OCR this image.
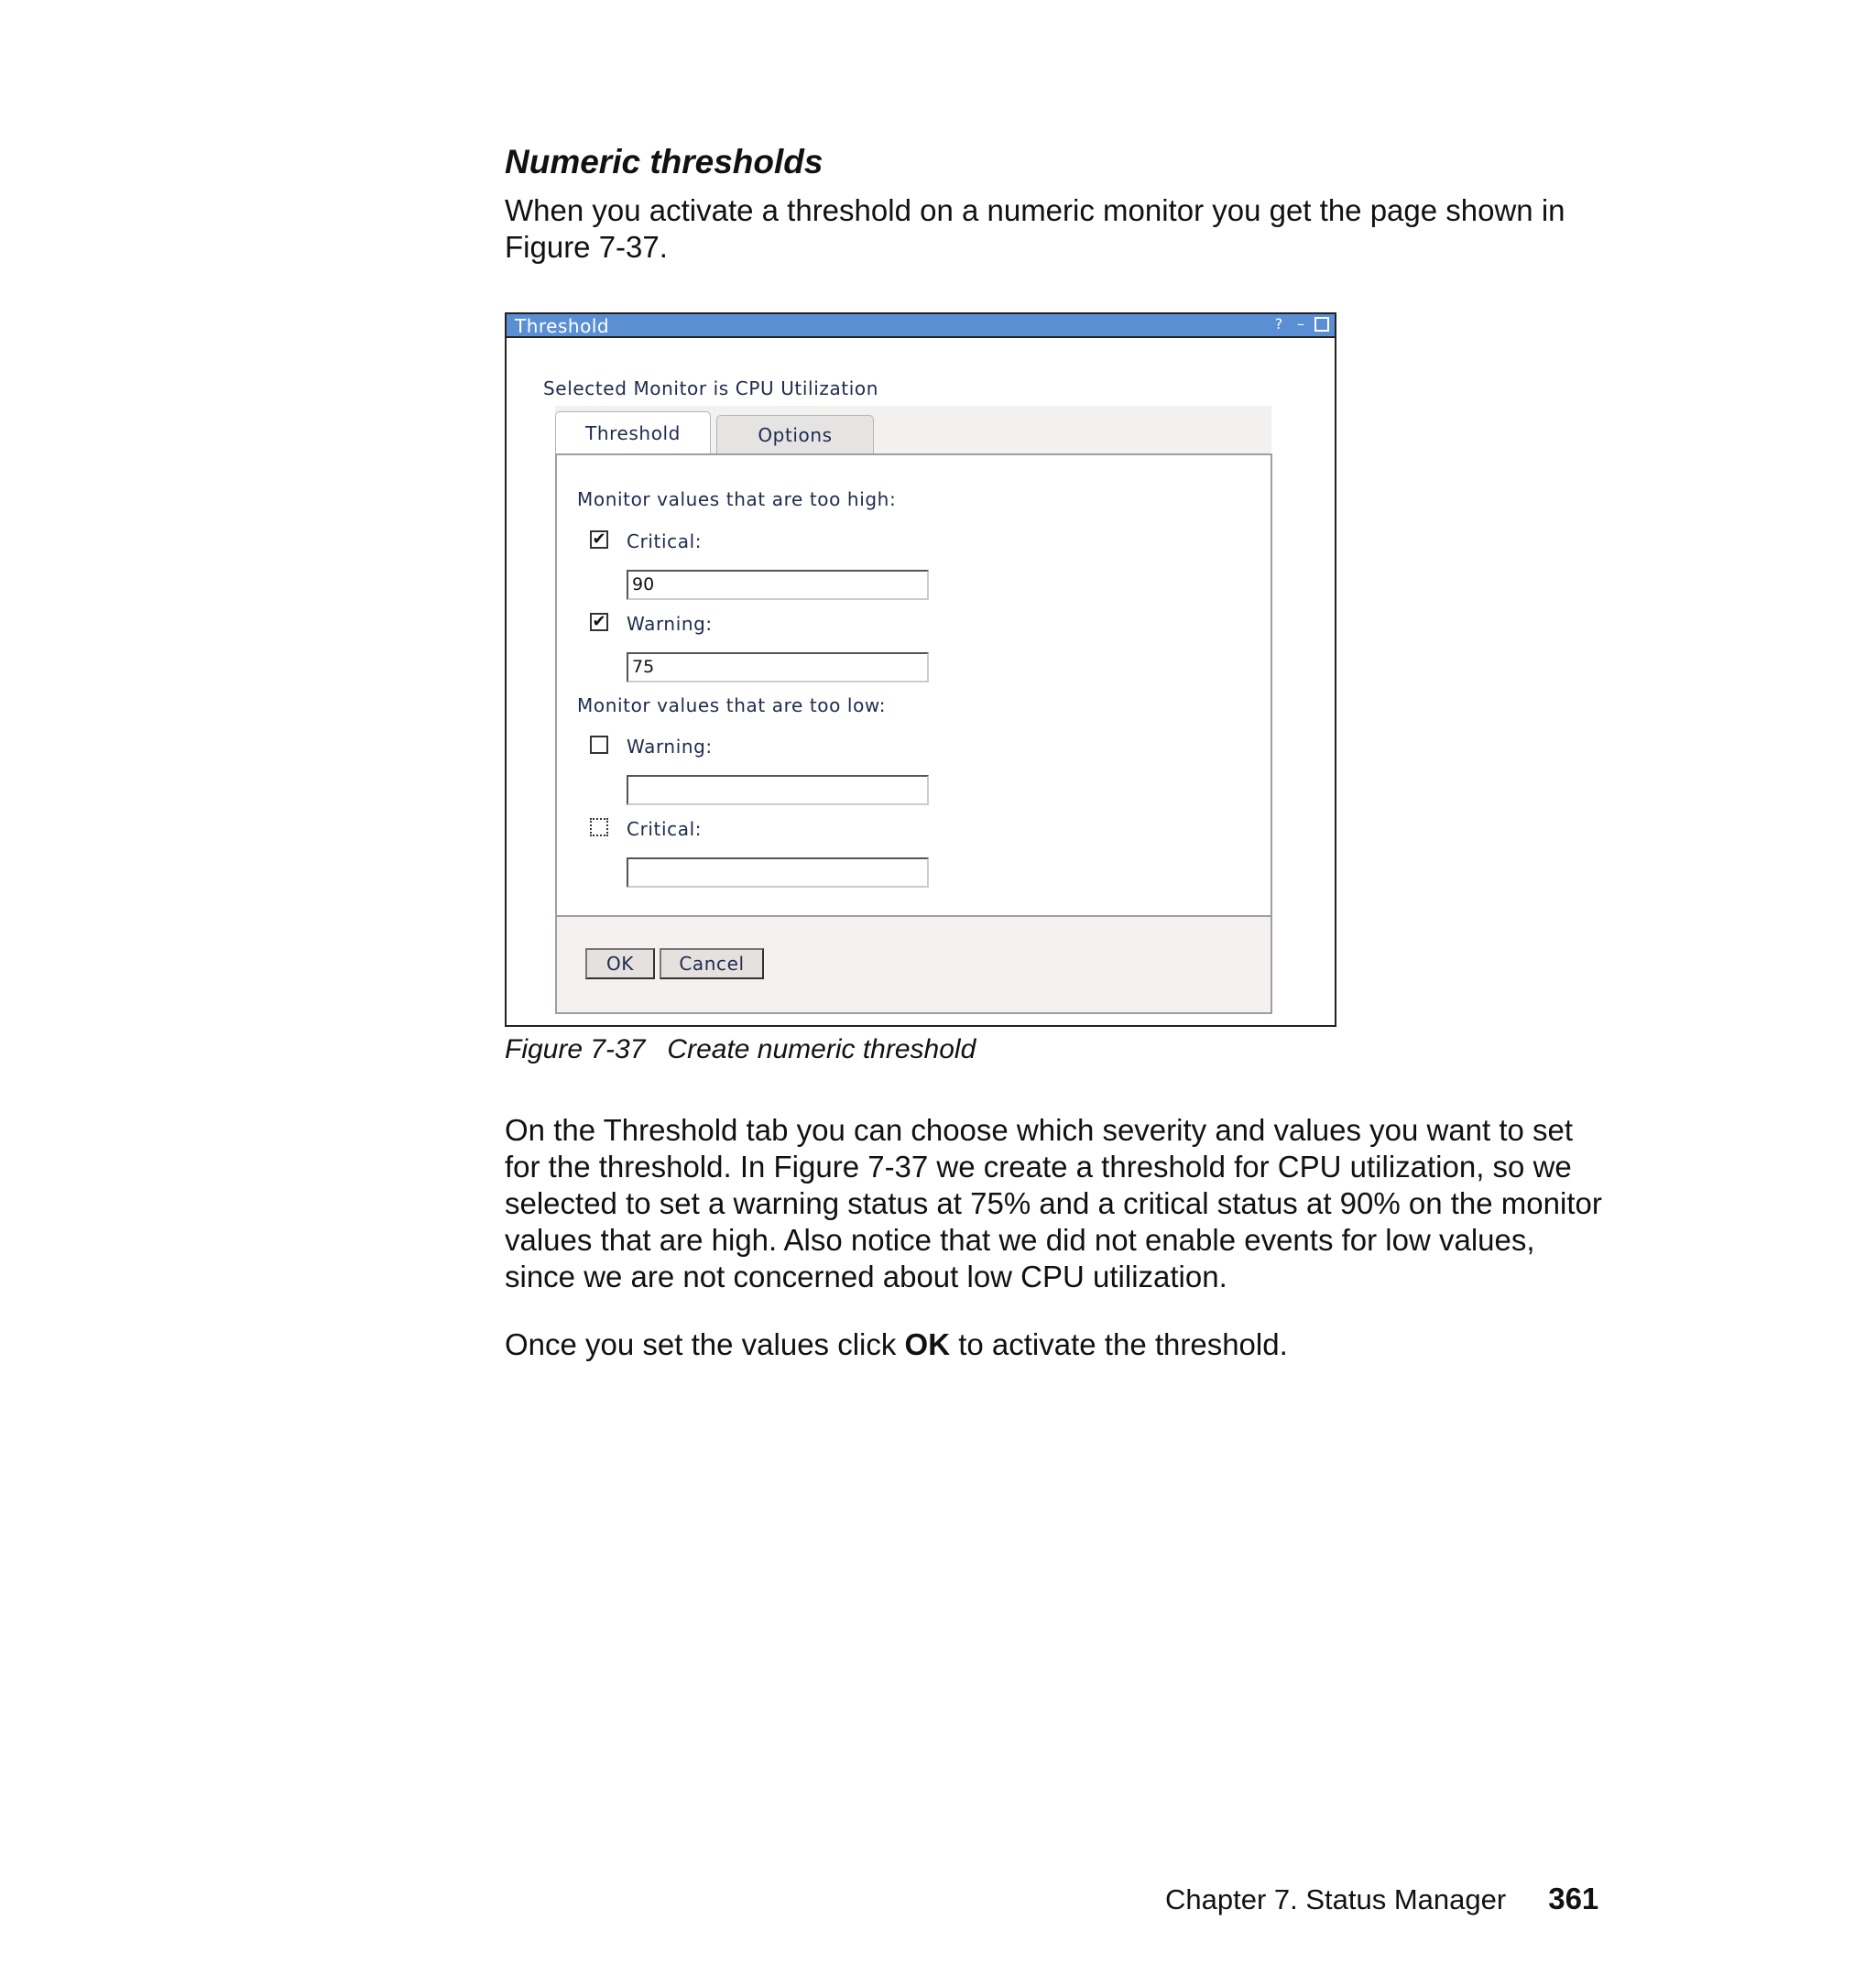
Numeric thresholds

When you activate a threshold on a numeric monitor you get the page shown in Figure 7-37.

Threshold	? –
Selected Monitor is CPU Utilization
Threshold	Options
Monitor values that are too high:
✔ Critical:
90
✔ Warning:
75
Monitor values that are too low:
Warning:
Critical:
OK	Cancel

Figure 7-37 Create numeric threshold

On the Threshold tab you can choose which severity and values you want to set for the threshold. In Figure 7-37 we create a threshold for CPU utilization, so we selected to set a warning status at 75% and a critical status at 90% on the monitor values that are high. Also notice that we did not enable events for low values, since we are not concerned about low CPU utilization.

Once you set the values click OK to activate the threshold.

Chapter 7. Status Manager 361
